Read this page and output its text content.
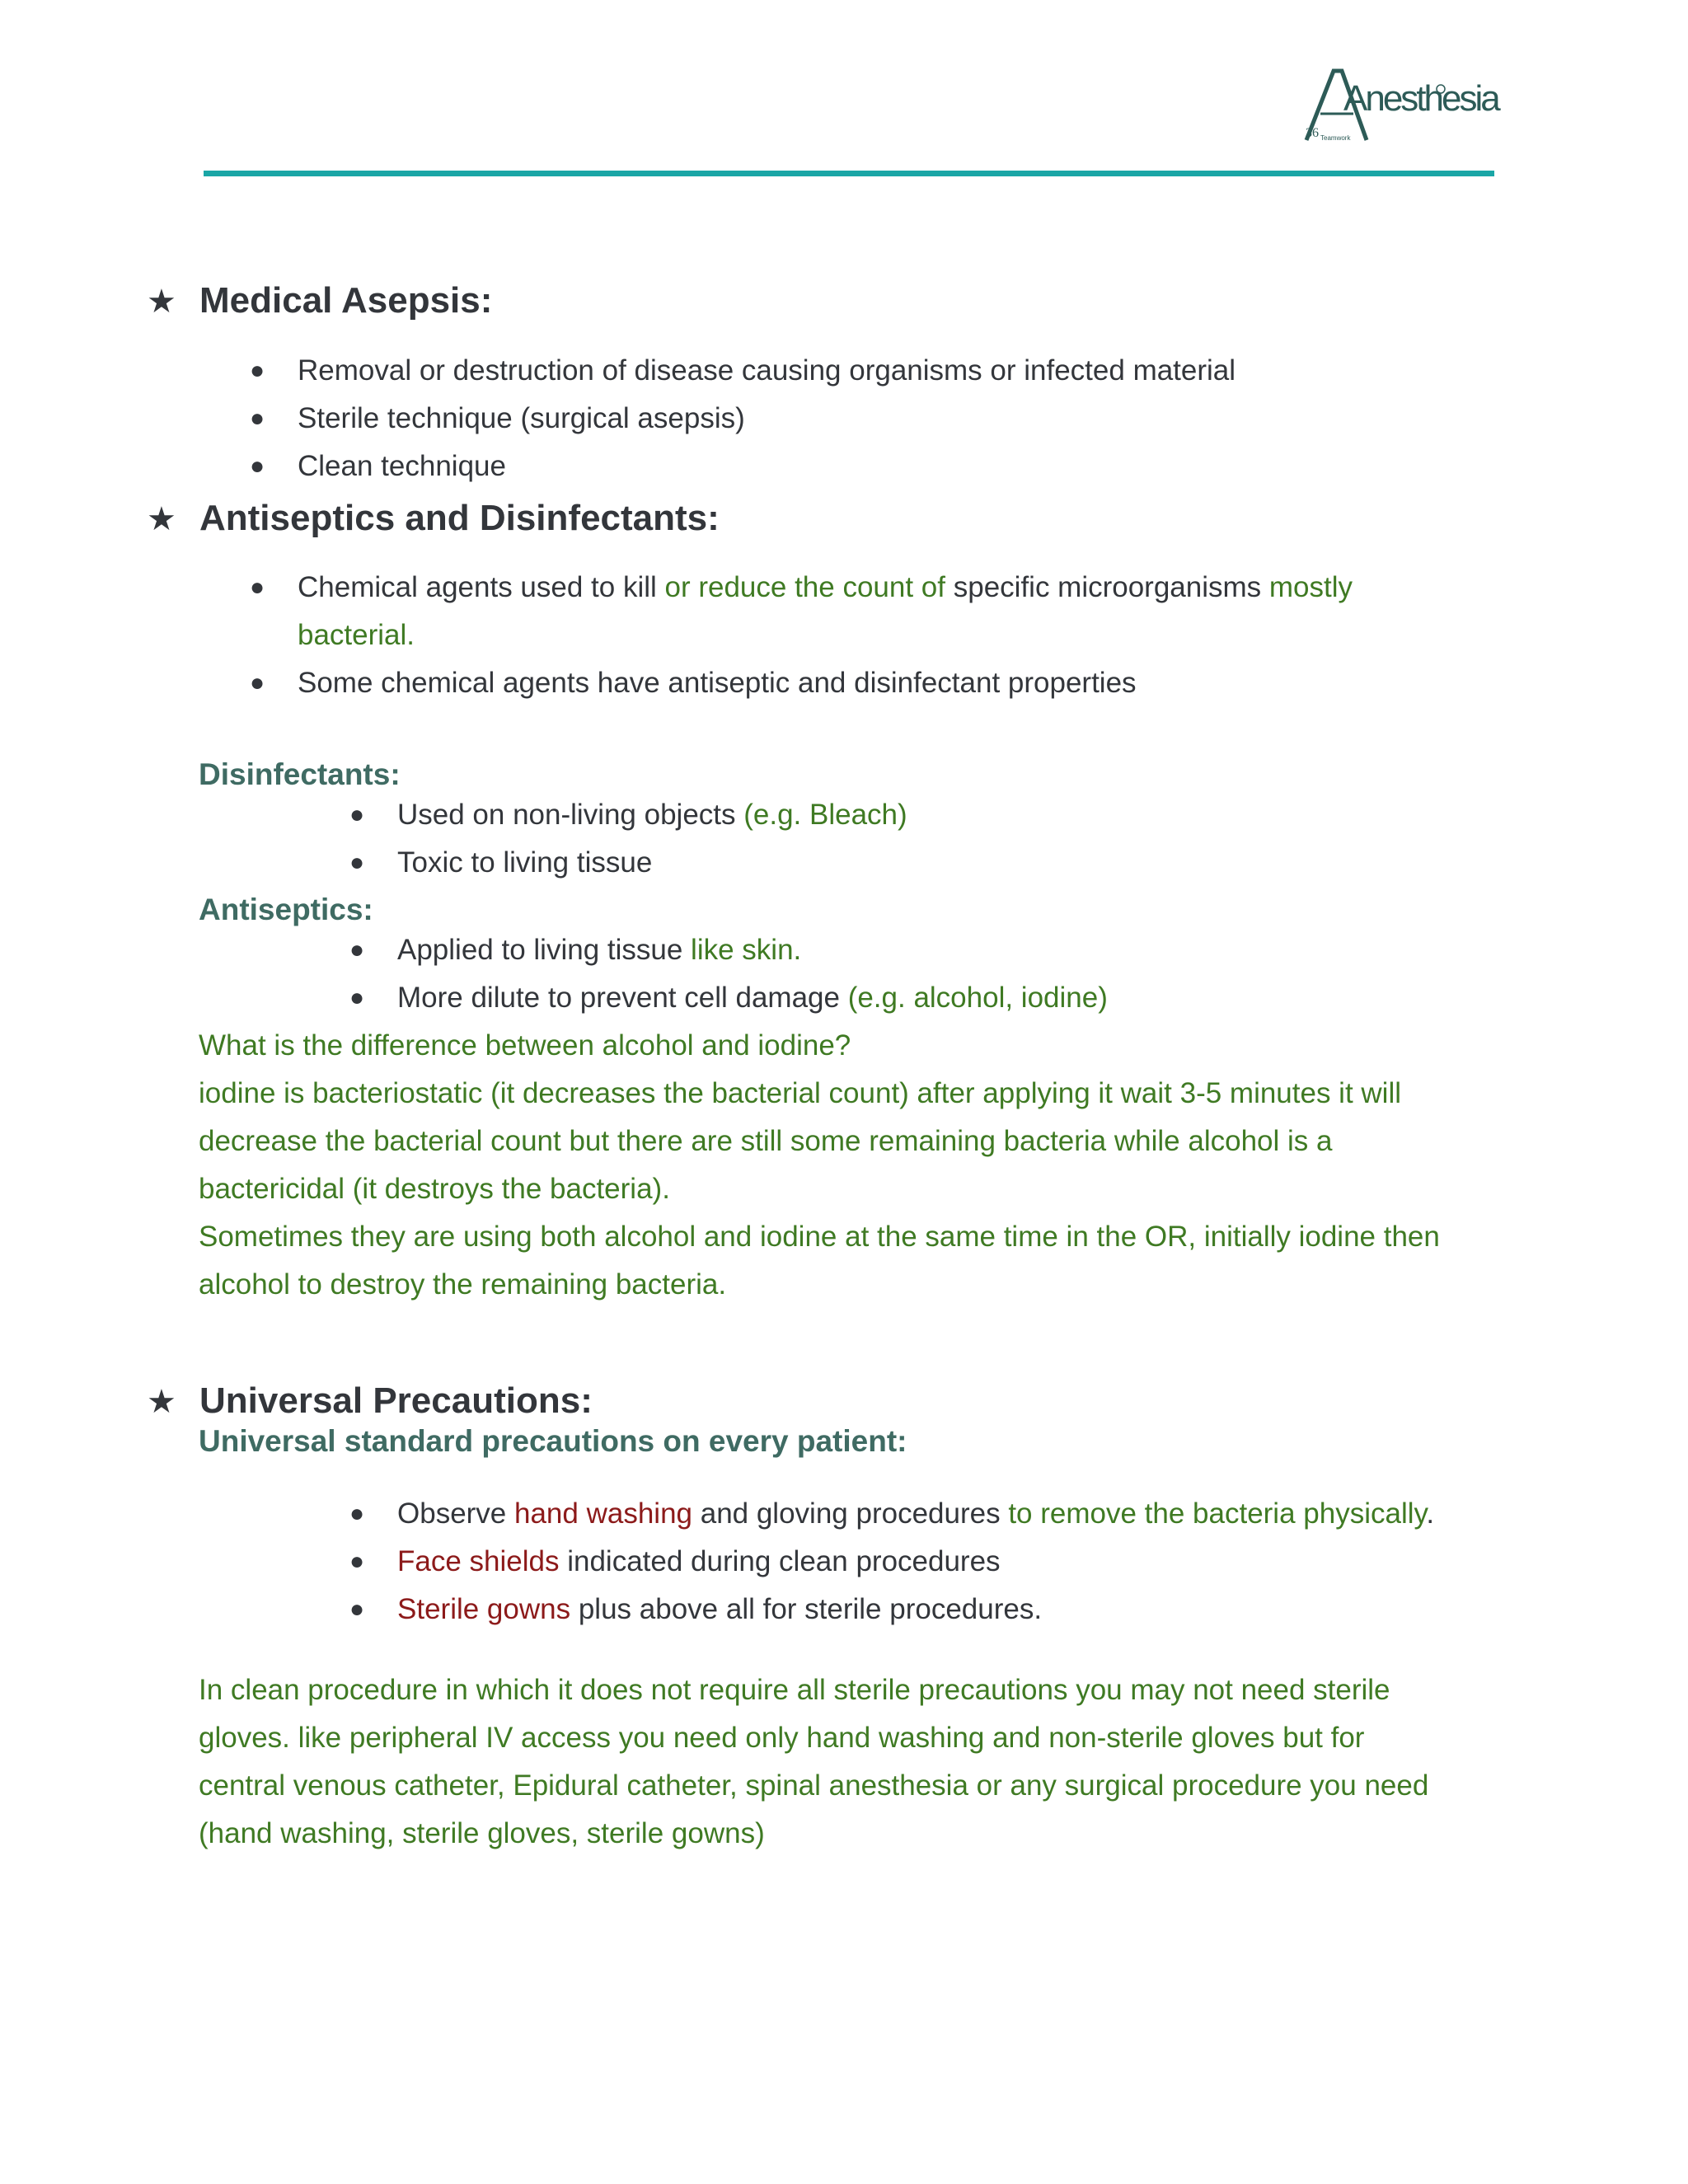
Anesthesia
36 Teamwork
★ Medical Asepsis:
● Removal or destruction of disease causing organisms or infected material
● Sterile technique (surgical asepsis)
● Clean technique
★ Antiseptics and Disinfectants:
● Chemical agents used to kill or reduce the count of specific microorganisms mostly
bacterial.
● Some chemical agents have antiseptic and disinfectant properties
Disinfectants:
● Used on non-living objects (e.g. Bleach)
● Toxic to living tissue
Antiseptics:
● Applied to living tissue like skin.
● More dilute to prevent cell damage (e.g. alcohol, iodine)
What is the difference between alcohol and iodine?
iodine is bacteriostatic (it decreases the bacterial count) after applying it wait 3-5 minutes it will
decrease the bacterial count but there are still some remaining bacteria while alcohol is a
bactericidal (it destroys the bacteria).
Sometimes they are using both alcohol and iodine at the same time in the OR, initially iodine then
alcohol to destroy the remaining bacteria.
★ Universal Precautions:
Universal standard precautions on every patient:
● Observe hand washing and gloving procedures to remove the bacteria physically.
● Face shields indicated during clean procedures
● Sterile gowns plus above all for sterile procedures.
In clean procedure in which it does not require all sterile precautions you may not need sterile
gloves. like peripheral IV access you need only hand washing and non-sterile gloves but for
central venous catheter, Epidural catheter, spinal anesthesia or any surgical procedure you need
(hand washing, sterile gloves, sterile gowns)
